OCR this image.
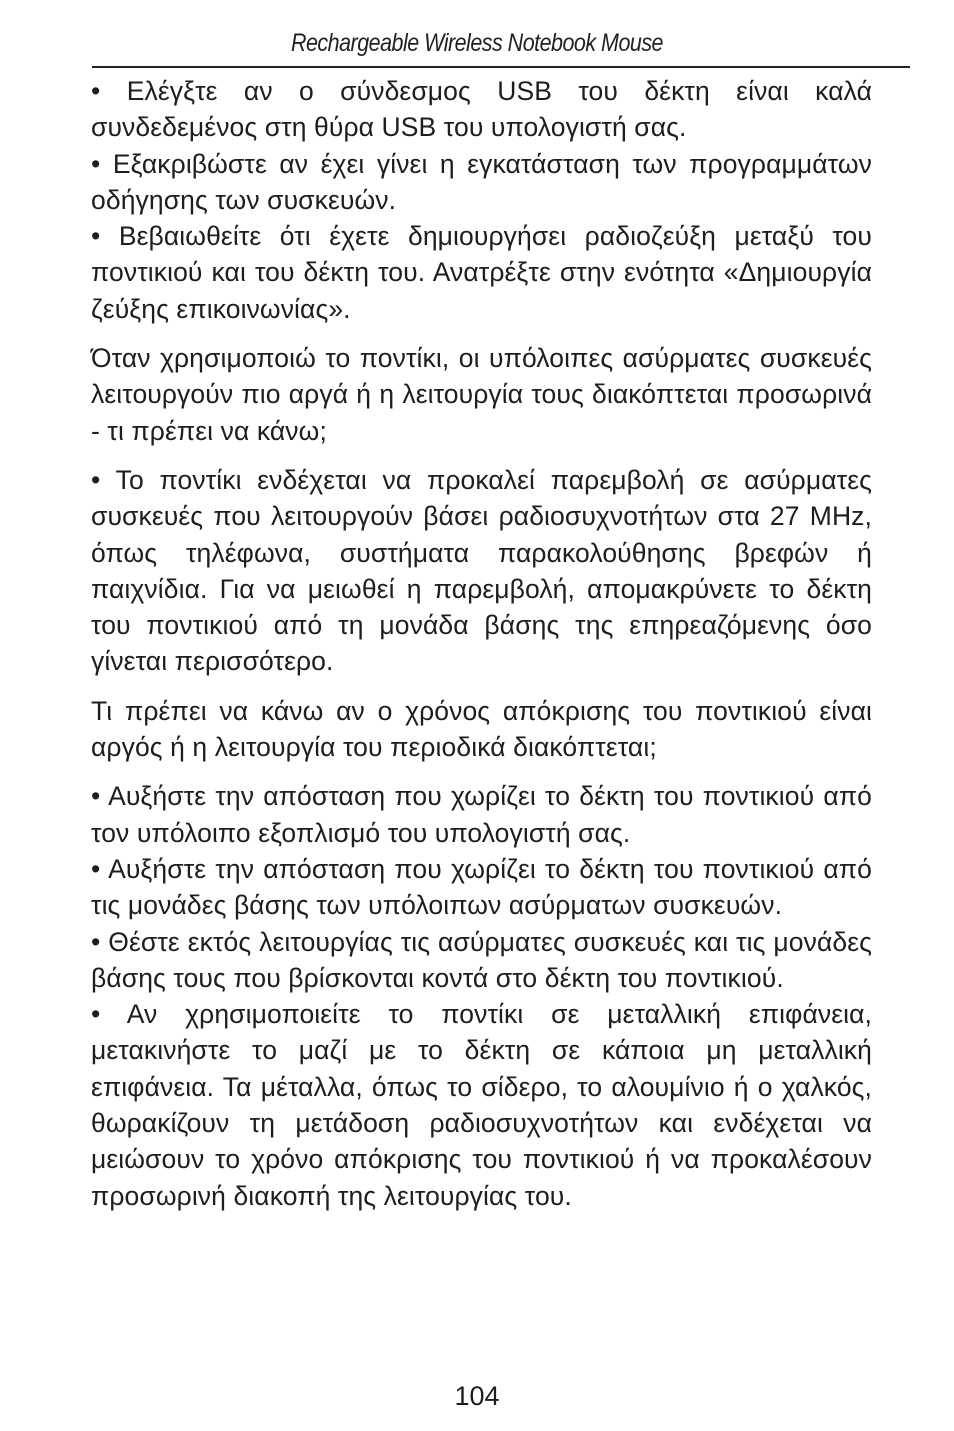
Rechargeable Wireless Notebook Mouse

• Ελέγξτε αν ο σύνδεσμος USB του δέκτη είναι καλά συνδεδεμένος στη θύρα USB του υπολογιστή σας.

• Εξακριβώστε αν έχει γίνει η εγκατάσταση των προγραμμάτων οδήγησης των συσκευών.

• Βεβαιωθείτε ότι έχετε δημιουργήσει ραδιοζεύξη μεταξύ του ποντικιού και του δέκτη του. Ανατρέξτε στην ενότητα «Δημιουργία ζεύξης επικοινωνίας».

Όταν χρησιμοποιώ το ποντίκι, οι υπόλοιπες ασύρματες συσκευές λειτουργούν πιο αργά ή η λειτουργία τους διακόπτεται προσωρινά - τι πρέπει να κάνω;

• Το ποντίκι ενδέχεται να προκαλεί παρεμβολή σε ασύρματες συσκευές που λειτουργούν βάσει ραδιοσυχνοτήτων στα 27 MHz, όπως τηλέφωνα, συστήματα παρακολούθησης βρεφών ή παιχνίδια. Για να μειωθεί η παρεμβολή, απομακρύνετε το δέκτη του ποντικιού από τη μονάδα βάσης της επηρεαζόμενης όσο γίνεται περισσότερο.

Τι πρέπει να κάνω αν ο χρόνος απόκρισης του ποντικιού είναι αργός ή η λειτουργία του περιοδικά διακόπτεται;

• Αυξήστε την απόσταση που χωρίζει το δέκτη του ποντικιού από τον υπόλοιπο εξοπλισμό του υπολογιστή σας.

• Αυξήστε την απόσταση που χωρίζει το δέκτη του ποντικιού από τις μονάδες βάσης των υπόλοιπων ασύρματων συσκευών.

• Θέστε εκτός λειτουργίας τις ασύρματες συσκευές και τις μονάδες βάσης τους που βρίσκονται κοντά στο δέκτη του ποντικιού.

• Αν χρησιμοποιείτε το ποντίκι σε μεταλλική επιφάνεια, μετακινήστε το μαζί με το δέκτη σε κάποια μη μεταλλική επιφάνεια. Τα μέταλλα, όπως το σίδερο, το αλουμίνιο ή ο χαλκός, θωρακίζουν τη μετάδοση ραδιοσυχνοτήτων και ενδέχεται να μειώσουν το χρόνο απόκρισης του ποντικιού ή να προκαλέσουν προσωρινή διακοπή της λειτουργίας του.

104
